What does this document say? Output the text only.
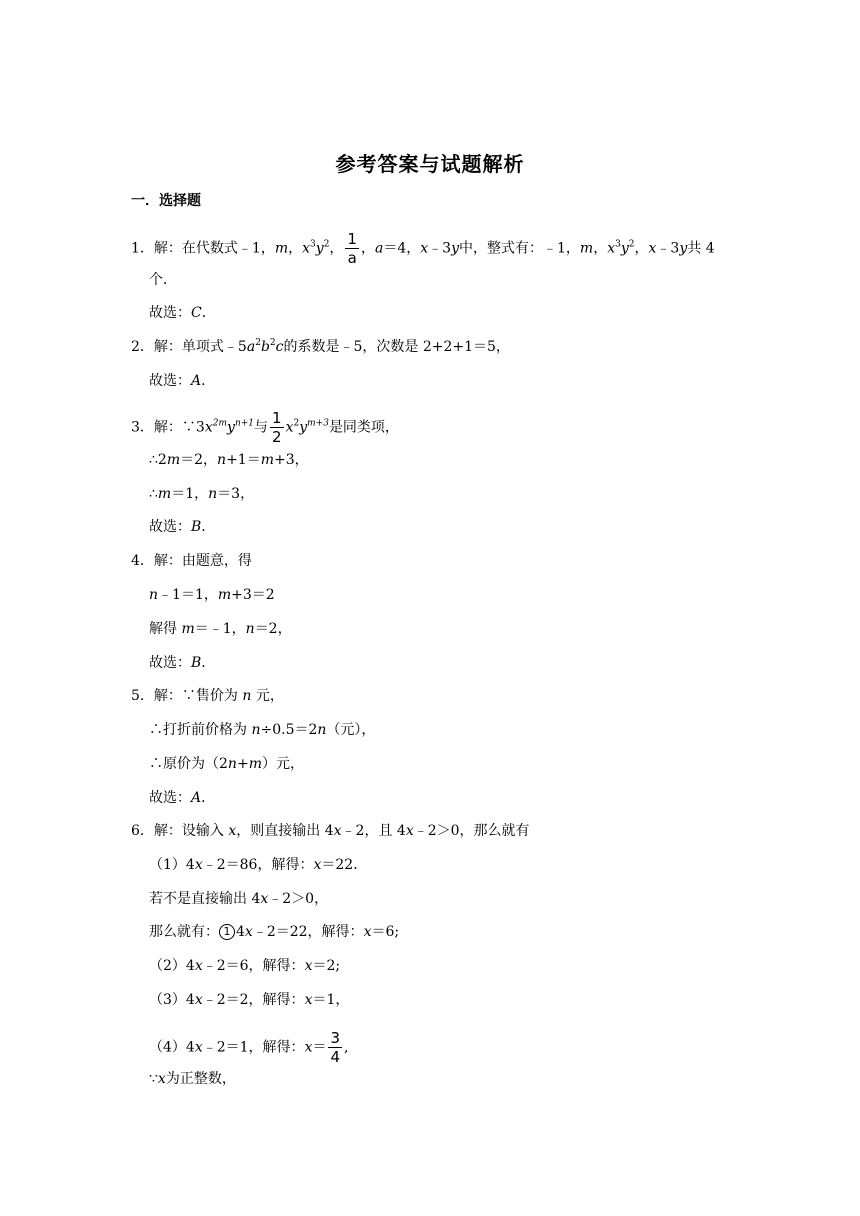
参考答案与试题解析
一．选择题
1．解：在代数式﹣1，m，$x^3y^2$， $\frac{1}{a}$ ，a＝4，x﹣3y中，整式有：﹣1，m，$x^3y^2$，x﹣3y共 4
个．
故选：C．
2．解：单项式$﹣5a^2b^2c$的系数是﹣5，次数是 2+2+1＝5，
故选：A．
3．解：$\because 3x^{2m}y^{n+1}$与 $\frac{1}{2} x^2y^{m+3}$是同类项，
∴2m＝2，n+1＝m+3，
∴m＝1，n＝3，
故选：B．
4．解：由题意，得
n﹣1＝1，m+3＝2
解得 m＝﹣1，n＝2，
故选：B．
5．解：∵售价为 n 元，
∴打折前价格为 n÷0.5＝2n（元），
∴原价为（2n+m）元，
故选：A．
6．解：设输入 x，则直接输出 4x﹣2，且 4x﹣2＞0，那么就有
（1）4x﹣2＝86，解得：x＝22．
若不是直接输出 4x﹣2＞0，
那么就有： 1 4x﹣2＝22，解得：x＝6;
（2）4x﹣2＝6，解得：x＝2;
（3）4x﹣2＝2，解得：x＝1，
（4）4x﹣2＝1，解得：$x= \frac{3}{4}$ ,
∵x为正整数，
